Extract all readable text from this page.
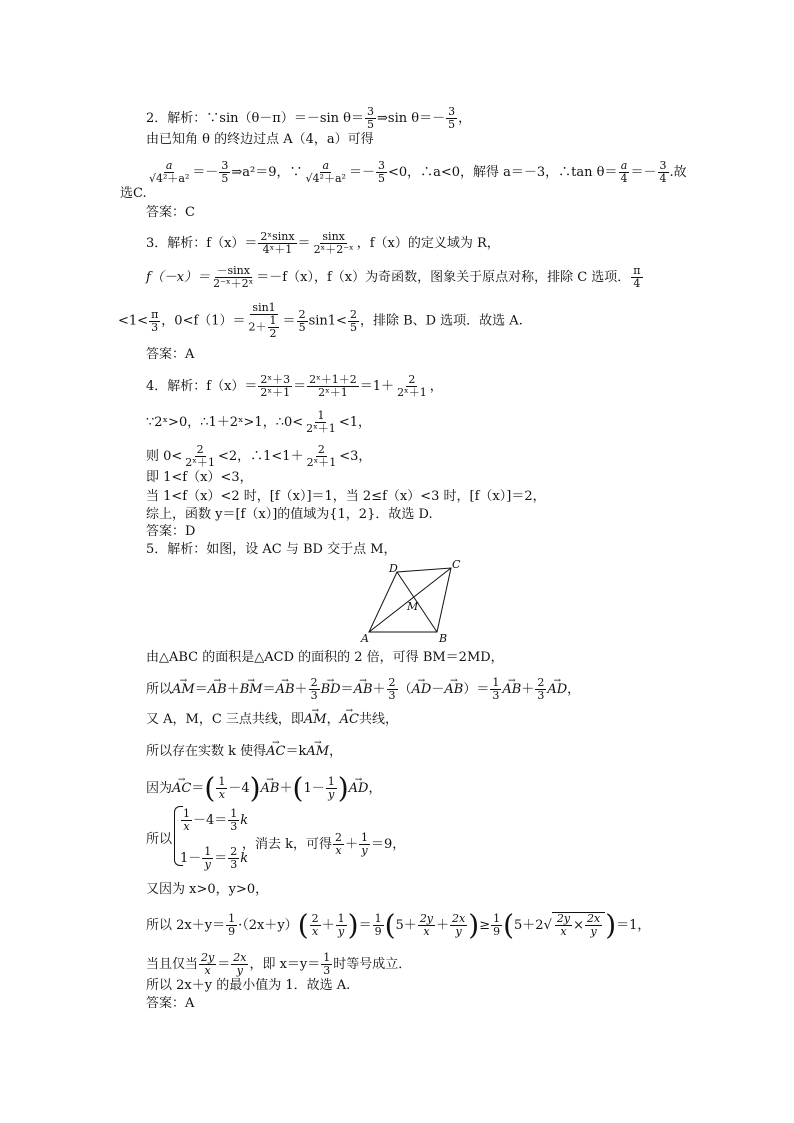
2．解析：∵sin（θ－π）＝－sin $\theta= \frac{3}{5}$ ⇒sin $\theta=- \frac{3}{5}$ ，
由已知角 θ 的终边过点 A（4，a）可得
$\frac{a}{\text{√4²＋a²}} =- \frac{3}{5}$ ⇒a²＝9，∵ $\frac{a}{\text{√4²＋a²}} =- \frac{3}{5} <0$，∴a<0，解得 a＝－3，∴tan $\theta= \frac{a}{4} =- \frac{3}{4}$ .故
选C.
答案：C
3．解析：$f(x)= \frac{\text{2ˣsinx}}{\text{4ˣ＋1}} = \frac{\sin x}{\text{2ˣ＋2⁻ˣ}}$ ，f（x）的定义域为 R，
$f(-x)= \frac{-\sin x}{\text{2⁻ˣ＋2ˣ}} =-f(x)$，f（x）为奇函数，图象关于原点对称，排除 C 选项． $\frac{\pi}{4}$
$<1< \frac{\pi}{3}$ ，$0<f(1)= \frac{\sin 1}{2+ \frac{1}{2}} = \frac{2}{5} \sin 1< \frac{2}{5}$ ，排除 B、D 选项．故选 A.
答案：A
4．解析：$f(x)= \frac{\text{2ˣ＋3}}{\text{2ˣ＋1}} = \frac{\text{2ˣ＋1＋2}}{\text{2ˣ＋1}} =1+ \frac{2}{\text{2ˣ＋1}}$ ，
∵2ˣ>0，∴1＋2ˣ>1，∴0< $\frac{1}{\text{2ˣ＋1}} <1$，
则 $0< \frac{2}{\text{2ˣ＋1}} <2$，∴1<1＋ $\frac{2}{\text{2ˣ＋1}} <3$，
即 1<f（x）<3，
当 1<f（x）<2 时，[f（x）]＝1，当 2≤f（x）<3 时，[f（x）]＝2，
综上，函数 y＝[f（x）]的值域为{1，2}．故选 D.
答案：D
5．解析：如图，设 AC 与 BD 交于点 M，
A	B
C
D
M
由△ABC 的面积是△ACD 的面积的 2 倍，可得 BM＝2MD，
所以→ $AM=\to AB+\to BM=\to AB+ \frac{2}{3}$
→ $BD=\to AB+ \frac{2}{3}$ （→ $AD-\to AB)= \frac{1}{3}$
→ $AB+ \frac{2}{3}$
→ AD，
又 A，M，C 三点共线，即→ AM，→ AC共线，
所以存在实数 k 使得→ AC＝k→ AM，
因为→ $AC=( \frac{1}{x} -4)\to AB+(1- \frac{1}{y}$ )→ AD，
所以
$\frac{1}{x} -4= \frac{1}{3}$ k
$1- \frac{1}{y} = \frac{2}{3}$ k
，消去 k，可得 $\frac{2}{x} + \frac{1}{y} =9$，
又因为 x>0，y>0，
所以 $2x+y= \frac{1}{9} \cdot(2x+y)( \frac{2}{x} + \frac{1}{y}$ )＝ $\frac{1}{9} (5+ \frac{2y}{x} + \frac{2x}{y}$ )≥ $\frac{1}{9} (5+2√ \frac{2y}{x} \times \frac{2x}{y} )=1$，
当且仅当 $\frac{2y}{x} = \frac{2x}{y}$ ，即 $x=y= \frac{1}{3}$ 时等号成立．
所以 2x＋y 的最小值为 1．故选 A.
答案：A
